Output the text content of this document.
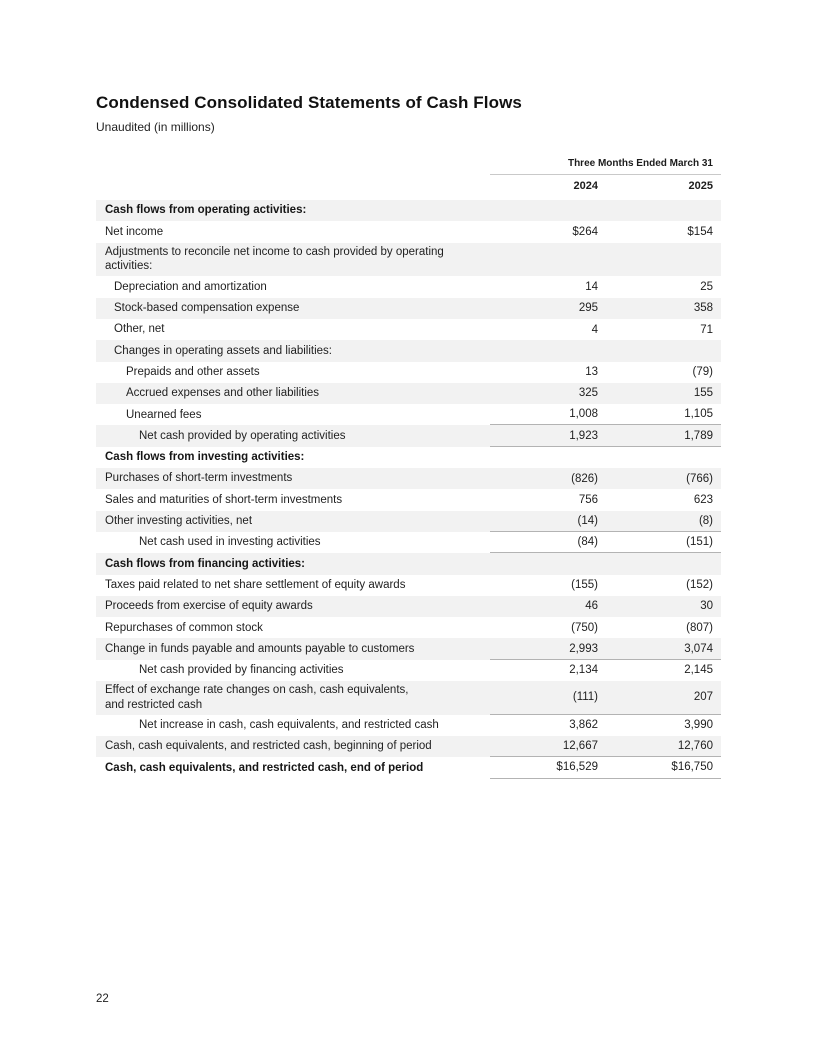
Condensed Consolidated Statements of Cash Flows
Unaudited (in millions)
Three Months Ended March 31
2024	2025
Cash flows from operating activities:
Net income	$264	$154
Adjustments to reconcile net income to cash provided by operating activities:
Depreciation and amortization	14	25
Stock-based compensation expense	295	358
Other, net	4	71
Changes in operating assets and liabilities:
Prepaids and other assets	13	(79)
Accrued expenses and other liabilities	325	155
Unearned fees	1,008	1,105
Net cash provided by operating activities	1,923	1,789
Cash flows from investing activities:
Purchases of short-term investments	(826)	(766)
Sales and maturities of short-term investments	756	623
Other investing activities, net	(14)	(8)
Net cash used in investing activities	(84)	(151)
Cash flows from financing activities:
Taxes paid related to net share settlement of equity awards	(155)	(152)
Proceeds from exercise of equity awards	46	30
Repurchases of common stock	(750)	(807)
Change in funds payable and amounts payable to customers	2,993	3,074
Net cash provided by financing activities	2,134	2,145
Effect of exchange rate changes on cash, cash equivalents,
and restricted cash
(111)	207
Net increase in cash, cash equivalents, and restricted cash	3,862	3,990
Cash, cash equivalents, and restricted cash, beginning of period	12,667	12,760
Cash, cash equivalents, and restricted cash, end of period	$16,529	$16,750
22
